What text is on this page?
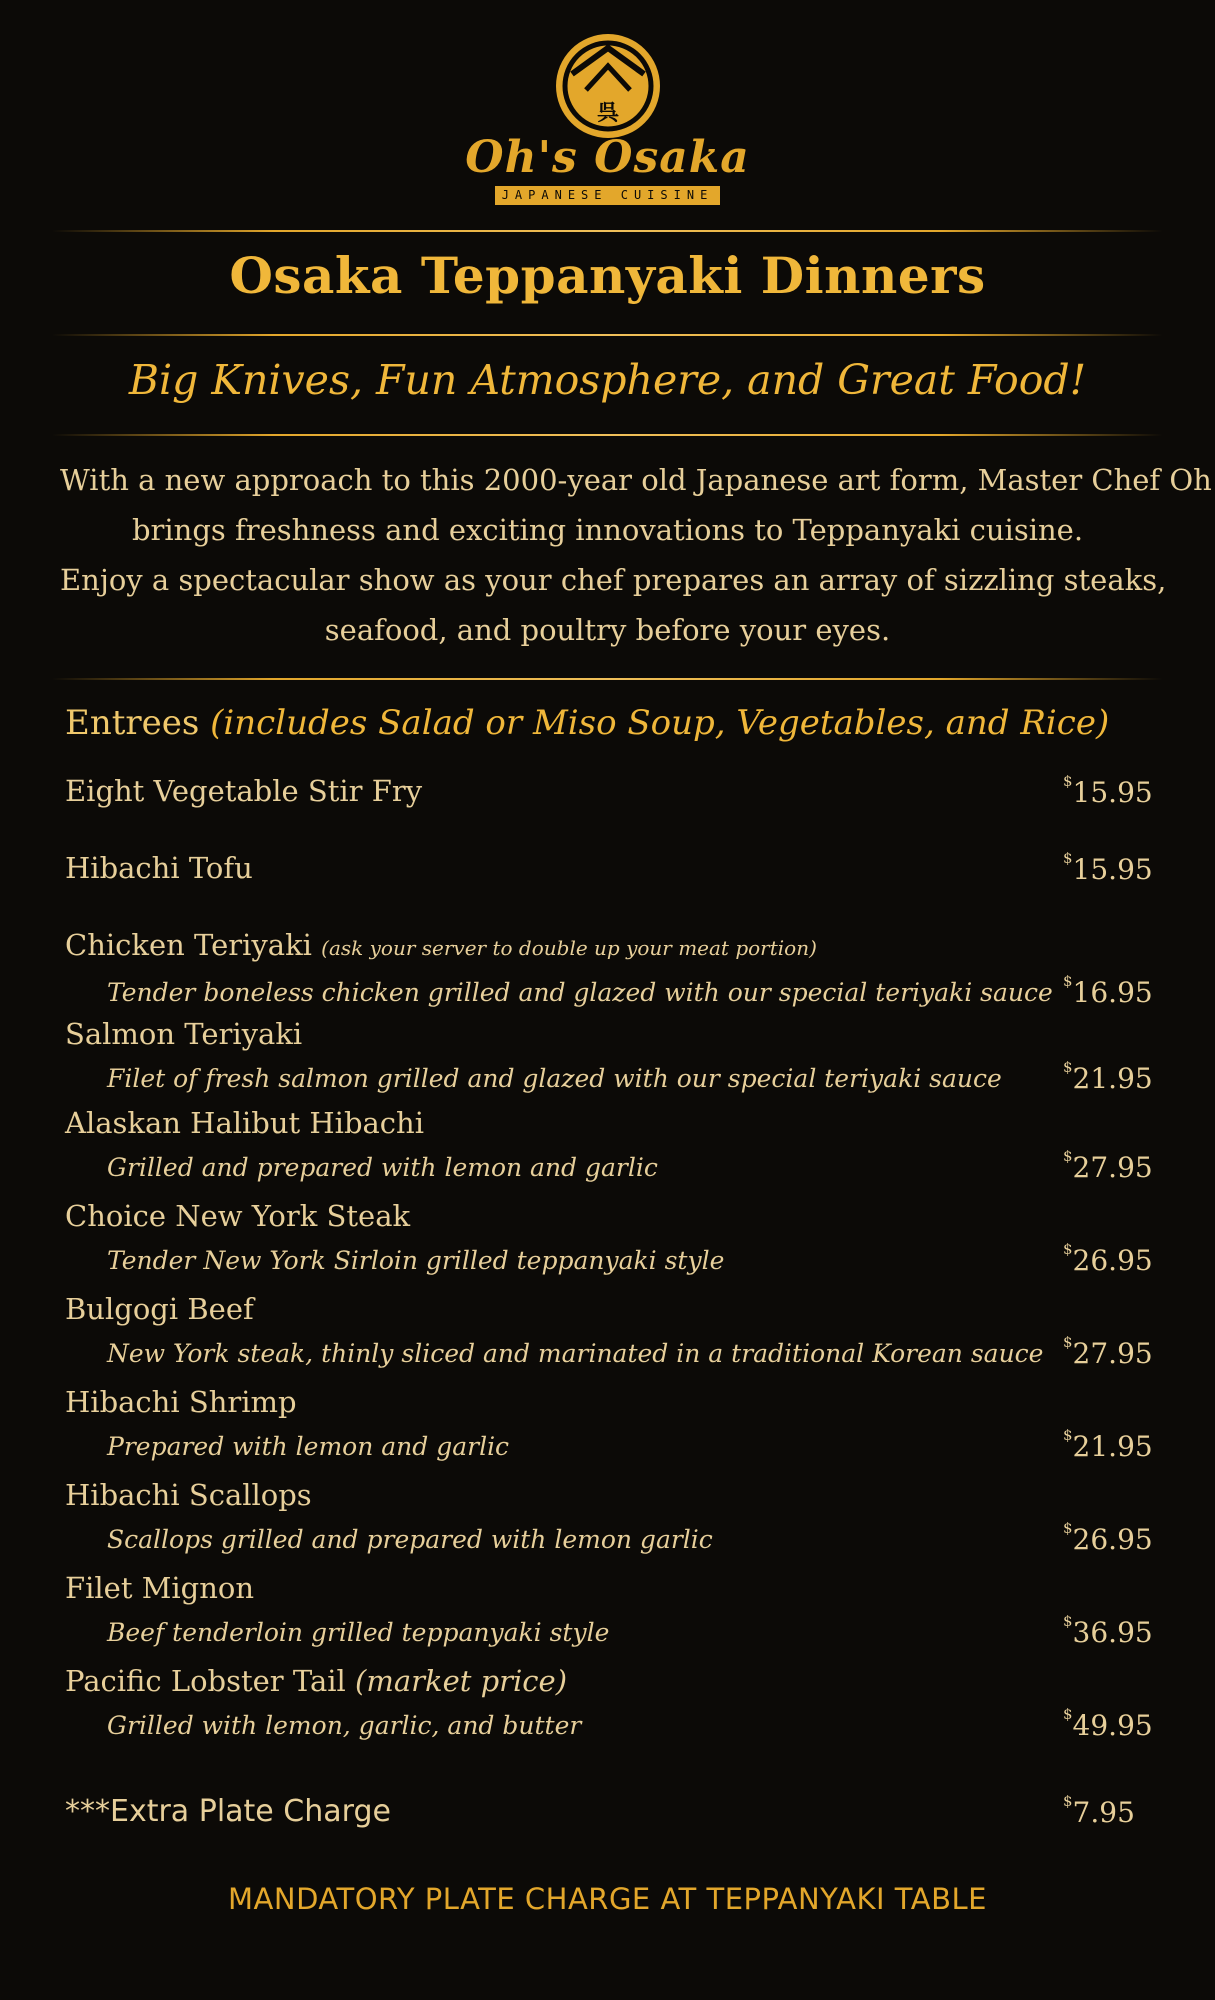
呉
Oh's Osaka
JAPANESE CUISINE
Osaka Teppanyaki Dinners
Big Knives, Fun Atmosphere, and Great Food!
With a new approach to this 2000-year old Japanese art form, Master Chef Oh
brings freshness and exciting innovations to Teppanyaki cuisine.
Enjoy a spectacular show as your chef prepares an array of sizzling steaks,
seafood, and poultry before your eyes.
Entrees (includes Salad or Miso Soup, Vegetables, and Rice)
Eight Vegetable Stir Fry	$15.95
Hibachi Tofu	$15.95
Chicken Teriyaki (ask your server to double up your meat portion)
Tender boneless chicken grilled and glazed with our special teriyaki sauce $16.95
Salmon Teriyaki
Filet of fresh salmon grilled and glazed with our special teriyaki sauce	$21.95
Alaskan Halibut Hibachi
Grilled and prepared with lemon and garlic	$27.95
Choice New York Steak
Tender New York Sirloin grilled teppanyaki style	$26.95
Bulgogi Beef
New York steak, thinly sliced and marinated in a traditional Korean sauce $27.95
Hibachi Shrimp
Prepared with lemon and garlic	$21.95
Hibachi Scallops
Scallops grilled and prepared with lemon garlic	$26.95
Filet Mignon
Beef tenderloin grilled teppanyaki style	$36.95
Pacific Lobster Tail (market price)
Grilled with lemon, garlic, and butter	$49.95
***Extra Plate Charge	$7.95
MANDATORY PLATE CHARGE AT TEPPANYAKI TABLE
